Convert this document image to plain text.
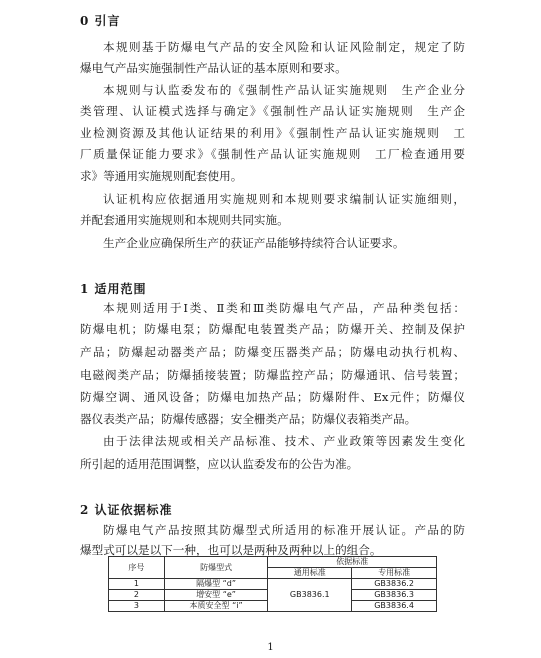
0 引言
本规则基于防爆电气产品的安全风险和认证风险制定，规定了防
爆电气产品实施强制性产品认证的基本原则和要求。
本规则与认监委发布的《强制性产品认证实施规则　生产企业分
类管理、认证模式选择与确定》《强制性产品认证实施规则　生产企
业检测资源及其他认证结果的利用》《强制性产品认证实施规则　工
厂质量保证能力要求》《强制性产品认证实施规则　工厂检查通用要
求》等通用实施规则配套使用。
认证机构应依据通用实施规则和本规则要求编制认证实施细则，
并配套通用实施规则和本规则共同实施。
生产企业应确保所生产的获证产品能够持续符合认证要求。
1 适用范围
本规则适用于Ⅰ类、Ⅱ类和Ⅲ类防爆电气产品，产品种类包括：
防爆电机；防爆电泵；防爆配电装置类产品；防爆开关、控制及保护
产品；防爆起动器类产品；防爆变压器类产品；防爆电动执行机构、
电磁阀类产品；防爆插接装置；防爆监控产品；防爆通讯、信号装置；
防爆空调、通风设备；防爆电加热产品；防爆附件、Ex元件；防爆仪
器仪表类产品；防爆传感器；安全栅类产品；防爆仪表箱类产品。
由于法律法规或相关产品标准、技术、产业政策等因素发生变化
所引起的适用范围调整，应以认监委发布的公告为准。
2 认证依据标准
防爆电气产品按照其防爆型式所适用的标准开展认证。产品的防
爆型式可以是以下一种，也可以是两种及两种以上的组合。
序号	防爆型式	依据标准	
		通用标准	专用标准
1	隔爆型 “d”	GB3836.1	GB3836.2
2	增安型 “e”		GB3836.3
3	本质安全型 “i”		GB3836.4
1
